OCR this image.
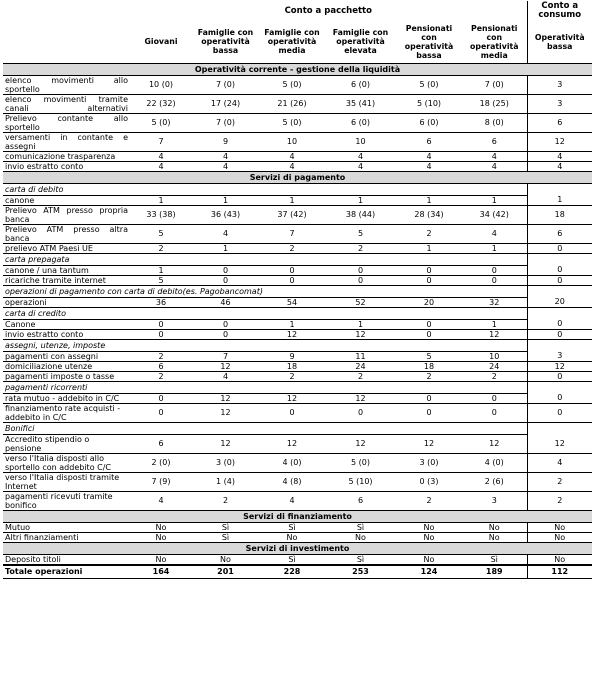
	Conto a pacchetto						Conto a consumo
	Giovani	Famiglie con operatività bassa	Famiglie con operatività media	Famiglie con operatività elevata	Pensionati con operatività bassa	Pensionati con operatività media	Operatività bassa
Operatività corrente - gestione della liquidità							
elenco movimenti allo sportello	10 (0)	7 (0)	5 (0)	6 (0)	5 (0)	7 (0)	3
elenco movimenti tramite canali alternativi	22 (32)	17 (24)	21 (26)	35 (41)	5 (10)	18 (25)	3
Prelievo contante allo sportello	5 (0)	7 (0)	5 (0)	6 (0)	6 (0)	8 (0)	6
versamenti in contante e assegni	7	9	10	10	6	6	12
comunicazione trasparenza	4	4	4	4	4	4	4
invio estratto conto	4	4	4	4	4	4	4
Servizi di pagamento							
carta di debito							
canone	1	1	1	1	1	1	1
Prelievo ATM presso propria banca	33 (38)	36 (43)	37 (42)	38 (44)	28 (34)	34 (42)	18
Prelievo ATM presso altra banca	5	4	7	5	2	4	6
prelievo ATM Paesi UE	2	1	2	2	1	1	0
carta prepagata							
canone / una tantum	1	0	0	0	0	0	0
ricariche tramite internet	5	0	0	0	0	0	0
operazioni di pagamento con carta di debito(es. Pagobancomat)							
operazioni	36	46	54	52	20	32	20
carta di credito							
Canone	0	0	1	1	0	1	0
invio estratto conto	0	0	12	12	0	12	0
assegni, utenze, imposte							
pagamenti con assegni	2	7	9	11	5	10	3
domiciliazione utenze	6	12	18	24	18	24	12
pagamenti imposte o tasse	2	4	2	2	2	2	0
pagamenti ricorrenti							
rata mutuo - addebito in C/C	0	12	12	12	0	0	0
finanziamento rate acquisti - addebito in C/C	0	12	0	0	0	0	0
Bonifici							
Accredito stipendio o pensione	6	12	12	12	12	12	12
verso l'Italia disposti allo sportello con addebito C/C	2 (0)	3 (0)	4 (0)	5 (0)	3 (0)	4 (0)	4
verso l'Italia disposti tramite Internet	7 (9)	1 (4)	4 (8)	5 (10)	0 (3)	2 (6)	2
pagamenti ricevuti tramite bonifico	4	2	4	6	2	3	2
Servizi di finanziamento							
Mutuo	No	Sì	Sì	Sì	No	No	No
Altri finanziamenti	No	Sì	No	No	No	No	No
Servizi di investimento							
Deposito titoli	No	No	Sì	Sì	No	Sì	No
Totale operazioni	164	201	228	253	124	189	112
